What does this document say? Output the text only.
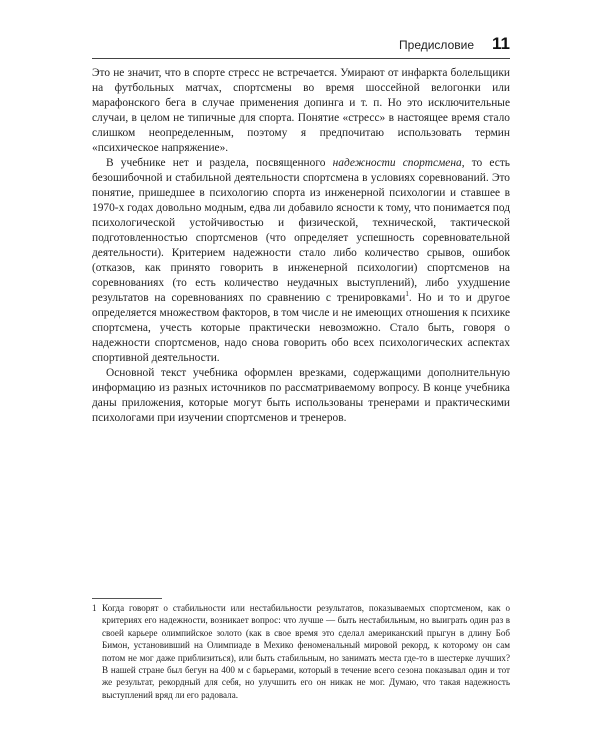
Предисловие 11

Это не значит, что в спорте стресс не встречается. Умирают от инфаркта болельщики на футбольных матчах, спортсмены во время шоссейной велогонки или марафонского бега в случае применения допинга и т. п. Но это исключительные случаи, в целом не типичные для спорта. Понятие «стресс» в настоящее время стало слишком неопределенным, поэтому я предпочитаю использовать термин «психическое напряжение».

В учебнике нет и раздела, посвященного надежности спортсмена, то есть безошибочной и стабильной деятельности спортсмена в условиях соревнований. Это понятие, пришедшее в психологию спорта из инженерной психологии и ставшее в 1970-х годах довольно модным, едва ли добавило ясности к тому, что понимается под психологической устойчивостью и физической, технической, тактической подготовленностью спортсменов (что определяет успешность соревновательной деятельности). Критерием надежности стало либо количество срывов, ошибок (отказов, как принято говорить в инженерной психологии) спортсменов на соревнованиях (то есть количество неудачных выступлений), либо ухудшение результатов на соревнованиях по сравнению с тренировками$^1$. Но и то и другое определяется множеством факторов, в том числе и не имеющих отношения к психике спортсмена, учесть которые практически невозможно. Стало быть, говоря о надежности спортсменов, надо снова говорить обо всех психологических аспектах спортивной деятельности.

Основной текст учебника оформлен врезками, содержащими дополнительную информацию из разных источников по рассматриваемому вопросу. В конце учебника даны приложения, которые могут быть использованы тренерами и практическими психологами при изучении спортсменов и тренеров.

1 Когда говорят о стабильности или нестабильности результатов, показываемых спортсменом, как о критериях его надежности, возникает вопрос: что лучше — быть нестабильным, но выиграть один раз в своей карьере олимпийское золото (как в свое время это сделал американский прыгун в длину Боб Бимон, установивший на Олимпиаде в Мехико феноменальный мировой рекорд, к которому он сам потом не мог даже приблизиться), или быть стабильным, но занимать места где-то в шестерке лучших? В нашей стране был бегун на 400 м с барьерами, который в течение всего сезона показывал один и тот же результат, рекордный для себя, но улучшить его он никак не мог. Думаю, что такая надежность выступлений вряд ли его радовала.
